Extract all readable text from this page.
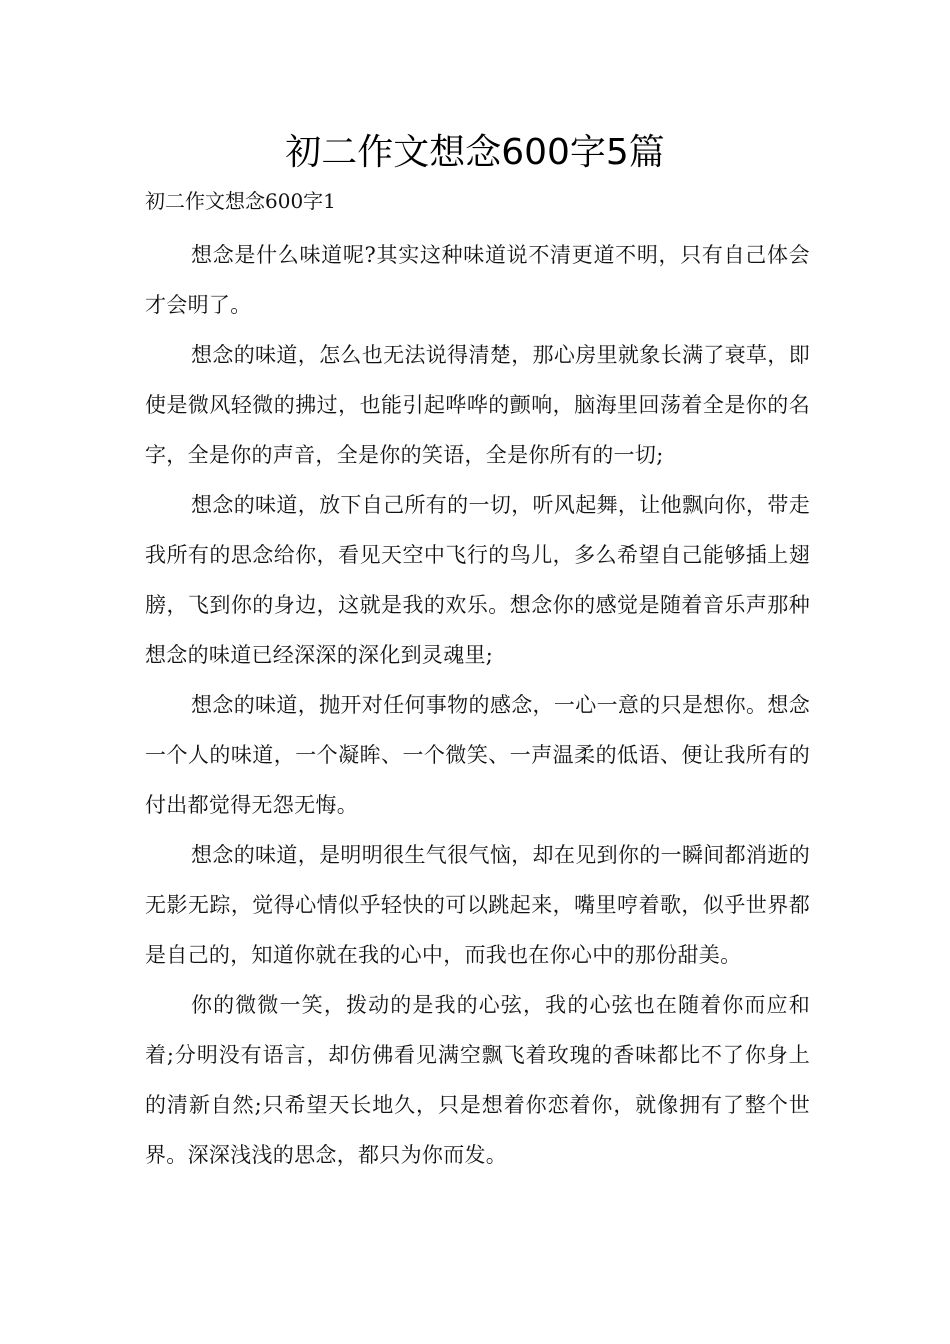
初二作文想念600字5篇

初二作文想念600字1

想念是什么味道呢?其实这种味道说不清更道不明，只有自己体会才会明了。

想念的味道，怎么也无法说得清楚，那心房里就象长满了衰草，即使是微风轻微的拂过，也能引起哗哗的颤响，脑海里回荡着全是你的名字，全是你的声音，全是你的笑语，全是你所有的一切;

想念的味道，放下自己所有的一切，听风起舞，让他飘向你，带走我所有的思念给你，看见天空中飞行的鸟儿，多么希望自己能够插上翅膀，飞到你的身边，这就是我的欢乐。想念你的感觉是随着音乐声那种想念的味道已经深深的深化到灵魂里;

想念的味道，抛开对任何事物的感念，一心一意的只是想你。想念一个人的味道，一个凝眸、一个微笑、一声温柔的低语、便让我所有的付出都觉得无怨无悔。

想念的味道，是明明很生气很气恼，却在见到你的一瞬间都消逝的无影无踪，觉得心情似乎轻快的可以跳起来，嘴里哼着歌，似乎世界都是自己的，知道你就在我的心中，而我也在你心中的那份甜美。

你的微微一笑，拨动的是我的心弦，我的心弦也在随着你而应和着;分明没有语言，却仿佛看见满空飘飞着玫瑰的香味都比不了你身上的清新自然;只希望天长地久，只是想着你恋着你，就像拥有了整个世界。深深浅浅的思念，都只为你而发。
